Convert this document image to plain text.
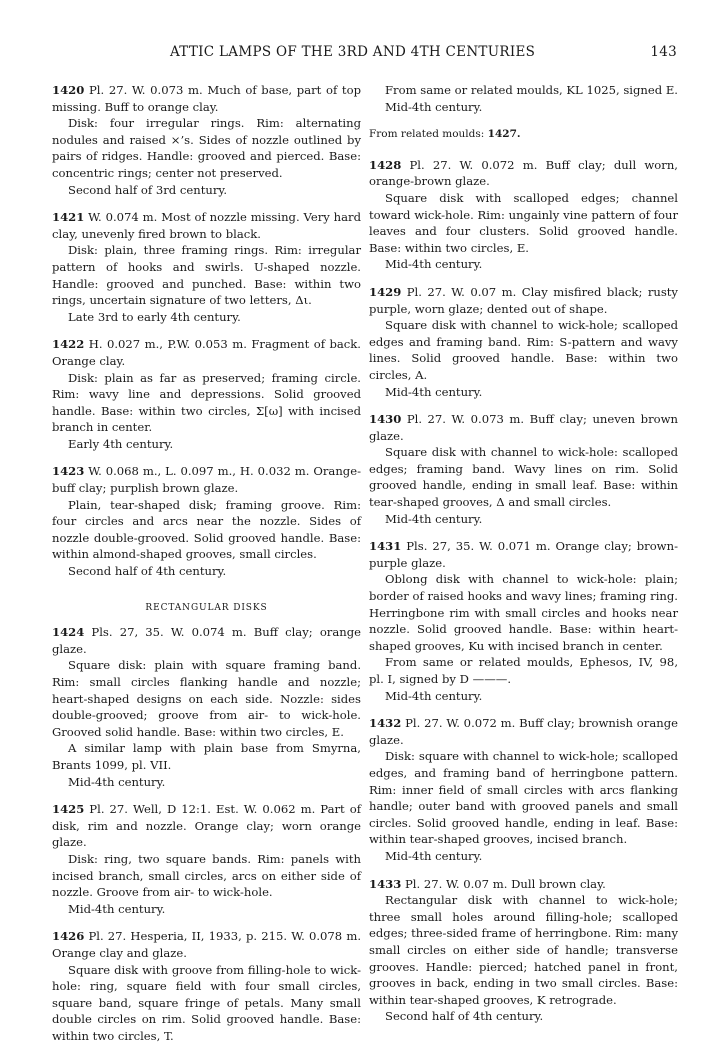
ATTIC LAMPS OF THE 3RD AND 4TH CENTURIES	143

1420 Pl. 27. W. 0.073 m. Much of base, part of top missing. Buff to orange clay.

Disk: four irregular rings. Rim: alternating nodules and raised ×’s. Sides of nozzle outlined by pairs of ridges. Handle: grooved and pierced. Base: concentric rings; center not preserved.

Second half of 3rd century.

1421 W. 0.074 m. Most of nozzle missing. Very hard clay, unevenly fired brown to black.

Disk: plain, three framing rings. Rim: irregular pattern of hooks and swirls. U-shaped nozzle. Handle: grooved and punched. Base: within two rings, uncertain signature of two letters, Δι.

Late 3rd to early 4th century.

1422 H. 0.027 m., P.W. 0.053 m. Fragment of back. Orange clay.

Disk: plain as far as preserved; framing circle. Rim: wavy line and depressions. Solid grooved handle. Base: within two circles, Σ[ω] with incised branch in center.

Early 4th century.

1423 W. 0.068 m., L. 0.097 m., H. 0.032 m. Orange-buff clay; purplish brown glaze.

Plain, tear-shaped disk; framing groove. Rim: four circles and arcs near the nozzle. Sides of nozzle double-grooved. Solid grooved handle. Base: within almond-shaped grooves, small circles.

Second half of 4th century.

RECTANGULAR DISKS

1424 Pls. 27, 35. W. 0.074 m. Buff clay; orange glaze.

Square disk: plain with square framing band. Rim: small circles flanking handle and nozzle; heart-shaped designs on each side. Nozzle: sides double-grooved; groove from air- to wick-hole. Grooved solid handle. Base: within two circles, E.

A similar lamp with plain base from Smyrna, Brants 1099, pl. VII.

Mid-4th century.

1425 Pl. 27. Well, D 12:1. Est. W. 0.062 m. Part of disk, rim and nozzle. Orange clay; worn orange glaze.

Disk: ring, two square bands. Rim: panels with incised branch, small circles, arcs on either side of nozzle. Groove from air- to wick-hole.

Mid-4th century.

1426 Pl. 27. Hesperia, II, 1933, p. 215. W. 0.078 m. Orange clay and glaze.

Square disk with groove from filling-hole to wick-hole: ring, square field with four small circles, square band, square fringe of petals. Many small double circles on rim. Solid grooved handle. Base: within two circles, T.

From same or related moulds, KL 1025, signed E.

Mid-4th century.

From related moulds: 1427.

1428 Pl. 27. W. 0.072 m. Buff clay; dull worn, orange-brown glaze.

Square disk with scalloped edges; channel toward wick-hole. Rim: ungainly vine pattern of four leaves and four clusters. Solid grooved handle. Base: within two circles, E.

Mid-4th century.

1429 Pl. 27. W. 0.07 m. Clay misfired black; rusty purple, worn glaze; dented out of shape.

Square disk with channel to wick-hole; scalloped edges and framing band. Rim: S-pattern and wavy lines. Solid grooved handle. Base: within two circles, A.

Mid-4th century.

1430 Pl. 27. W. 0.073 m. Buff clay; uneven brown glaze.

Square disk with channel to wick-hole: scalloped edges; framing band. Wavy lines on rim. Solid grooved handle, ending in small leaf. Base: within tear-shaped grooves, Δ and small circles.

Mid-4th century.

1431 Pls. 27, 35. W. 0.071 m. Orange clay; brown-purple glaze.

Oblong disk with channel to wick-hole: plain; border of raised hooks and wavy lines; framing ring. Herringbone rim with small circles and hooks near nozzle. Solid grooved handle. Base: within heart-shaped grooves, Ku with incised branch in center.

From same or related moulds, Ephesos, IV, 98, pl. I, signed by D ———.

Mid-4th century.

1432 Pl. 27. W. 0.072 m. Buff clay; brownish orange glaze.

Disk: square with channel to wick-hole; scalloped edges, and framing band of herringbone pattern. Rim: inner field of small circles with arcs flanking handle; outer band with grooved panels and small circles. Solid grooved handle, ending in leaf. Base: within tear-shaped grooves, incised branch.

Mid-4th century.

1433 Pl. 27. W. 0.07 m. Dull brown clay.

Rectangular disk with channel to wick-hole; three small holes around filling-hole; scalloped edges; three-sided frame of herringbone. Rim: many small circles on either side of handle; transverse grooves. Handle: pierced; hatched panel in front, grooves in back, ending in two small circles. Base: within tear-shaped grooves, K retrograde.

Second half of 4th century.
